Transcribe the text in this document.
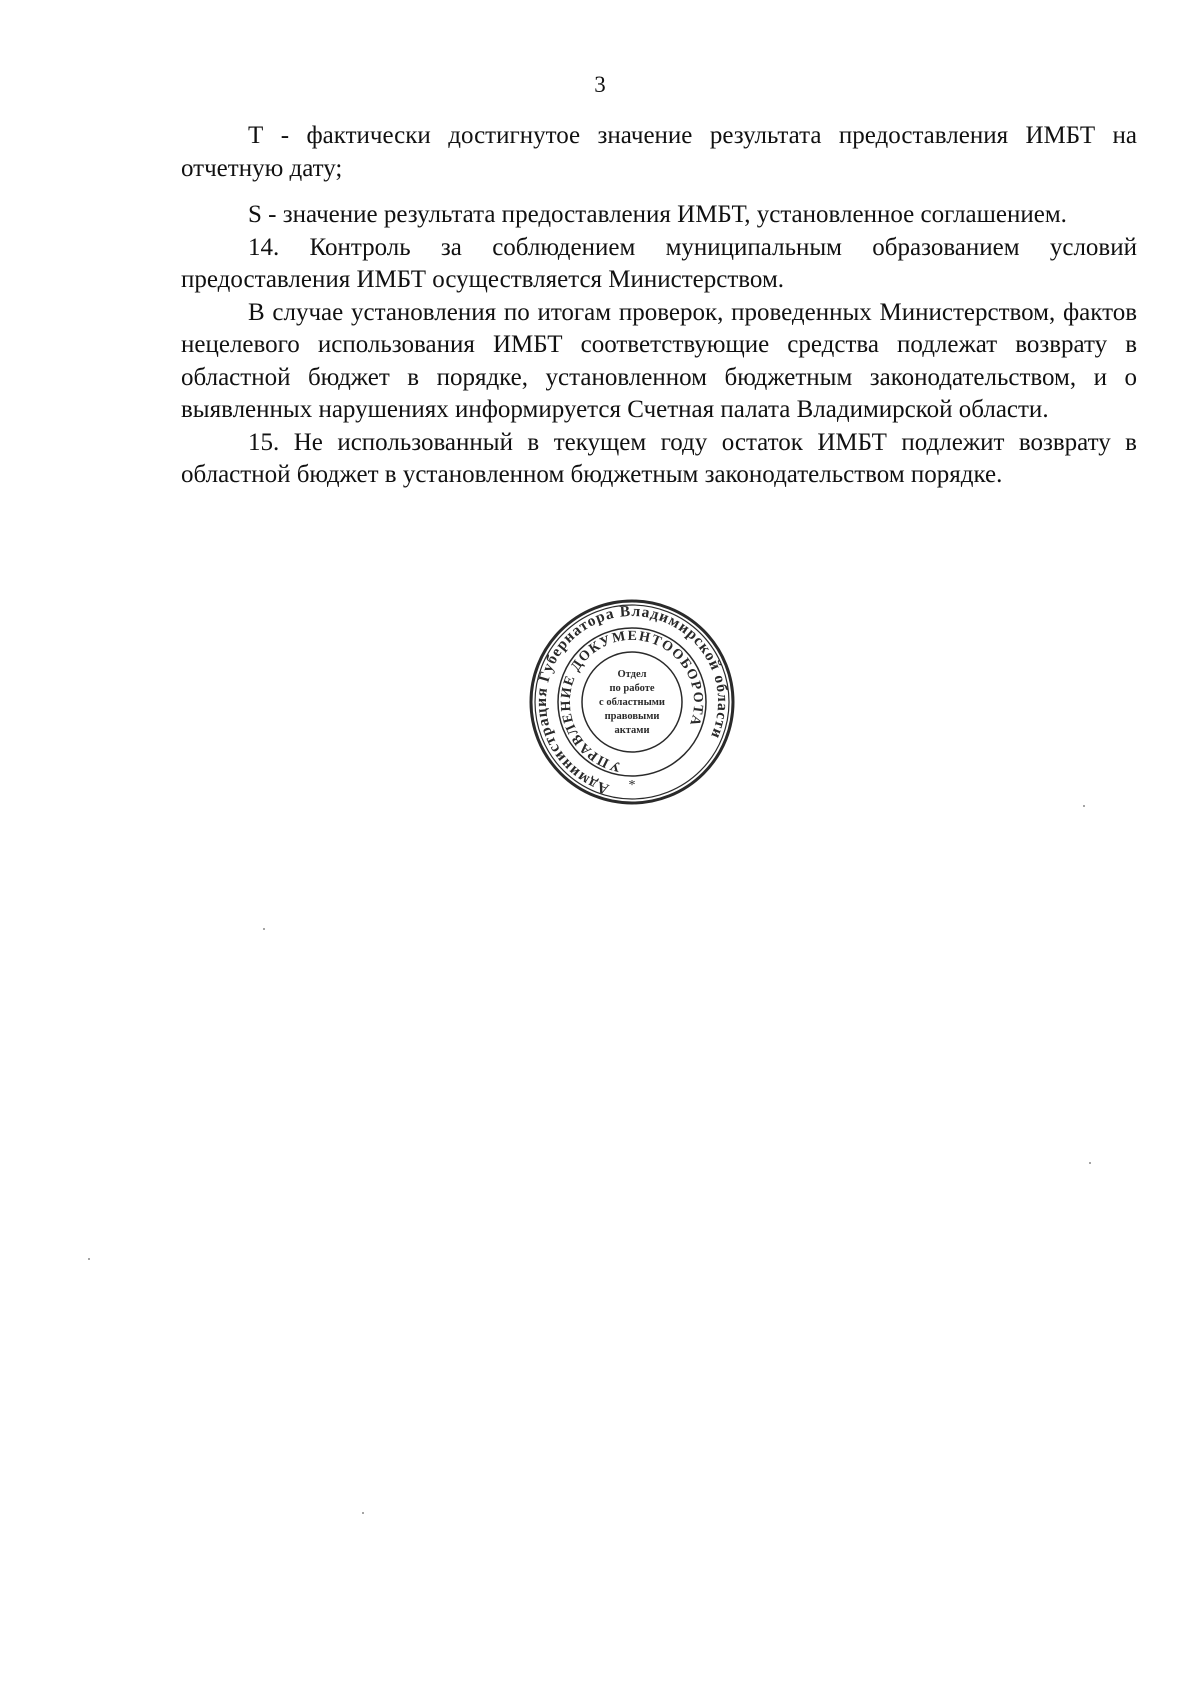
3

Т - фактически достигнутое значение результата предоставления ИМБТ на отчетную дату;

S - значение результата предоставления ИМБТ, установленное соглашением.

14. Контроль за соблюдением муниципальным образованием условий предоставления ИМБТ осуществляется Министерством.

В случае установления по итогам проверок, проведенных Министерством, фактов нецелевого использования ИМБТ соответствующие средства подлежат возврату в областной бюджет в порядке, установленном бюджетным законодательством, и о выявленных нарушениях информируется Счетная палата Владимирской области.

15. Не использованный в текущем году остаток ИМБТ подлежит возврату в областной бюджет в установленном бюджетным законодательством порядке.

Администрация Губернатора Владимирской области
УПРАВЛЕНИЕ ДОКУМЕНТООБОРОТА
*
Отдел
по работе
с областными
правовыми
актами
